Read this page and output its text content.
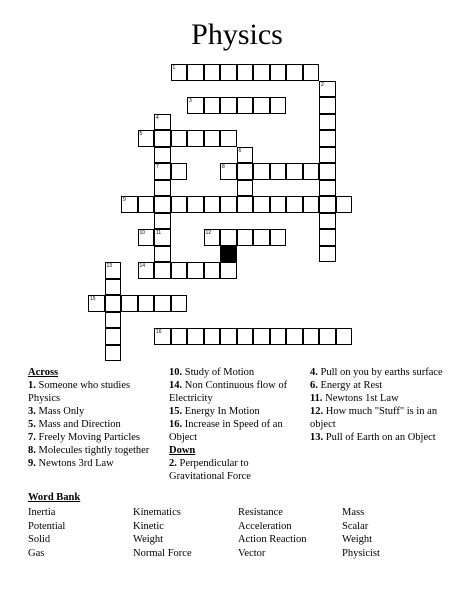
Physics
1
2
3
4
7
11
5
6
8
9
10	12
13	14
15
16
Across
1. Someone who studies Physics
3. Mass Only
5. Mass and Direction
7. Freely Moving Particles
8. Molecules tightly together
9. Newtons 3rd Law
10. Study of Motion
14. Non Continuous flow of Electricity
15. Energy In Motion
16. Increase in Speed of an Object
Down
2. Perpendicular to Gravitational Force
4. Pull on you by earths surface
6. Energy at Rest
11. Newtons 1st Law
12. How much "Stuff" is in an object
13. Pull of Earth on an Object
Word Bank
Inertia	Kinematics	Resistance	Mass
Potential	Kinetic	Acceleration	Scalar
Solid	Weight	Action Reaction	Weight
Gas	Normal Force	Vector	Physicist
